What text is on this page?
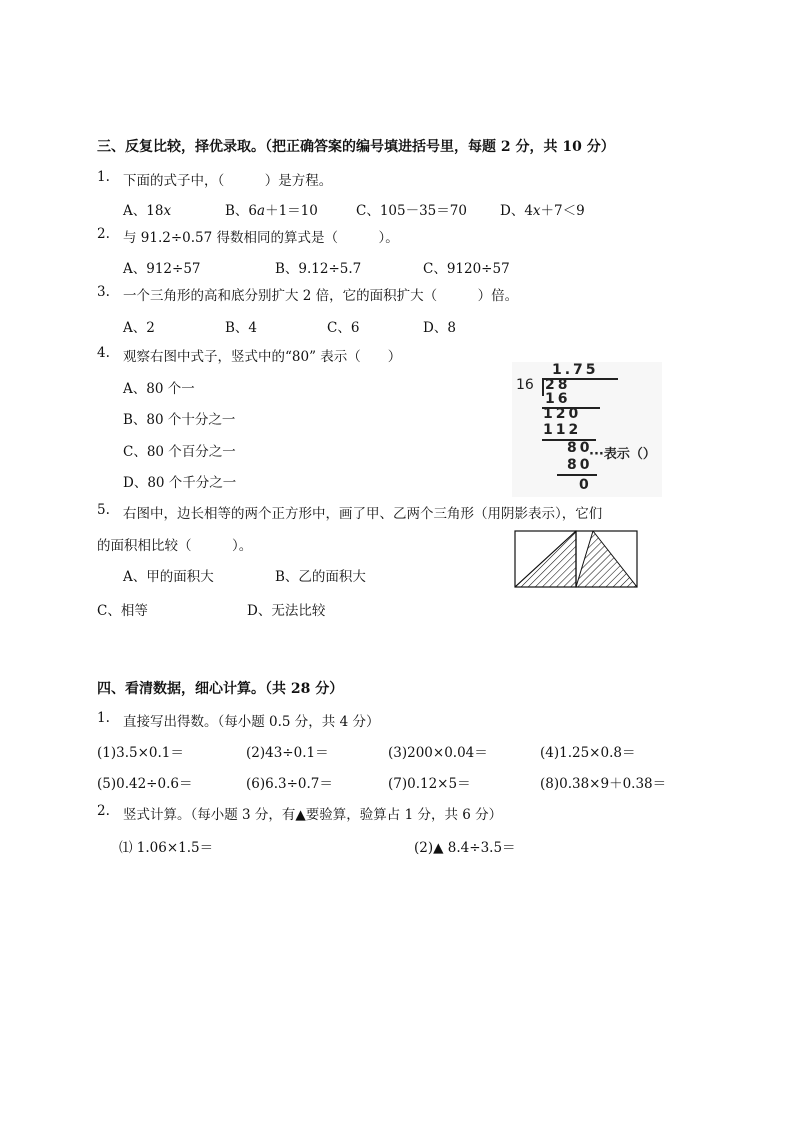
三、反复比较，择优录取。（把正确答案的编号填进括号里，每题 2 分，共 10 分）
1. 下面的式子中，（　　　）是方程。
A、18x	B、6a＋1＝10	C、105－35＝70 D、4x＋7＜9
2. 与 91.2÷0.57 得数相同的算式是（　　　）。
A、912÷57	B、9.12÷5.7	C、9120÷57
3. 一个三角形的高和底分别扩大 2 倍，它的面积扩大（　　　）倍。
A、2	B、4	C、6	D、8
4. 观察右图中式子，竖式中的“80” 表示（　　）
A、80 个一
B、80 个十分之一
C、80 个百分之一
D、80 个千分之一
1.75
16 28
16
120
112
80
···表示（）
80
0
5. 右图中，边长相等的两个正方形中，画了甲、乙两个三角形（用阴影表示），它们
的面积相比较（　　　）。
A、甲的面积大	B、乙的面积大
C、相等	D、无法比较
四、看清数据，细心计算。（共 28 分）
1. 直接写出得数。（每小题 0.5 分，共 4 分）
(1)3.5×0.1＝	(2)43÷0.1＝	(3)200×0.04＝	(4)1.25×0.8＝
(5)0.42÷0.6＝	(6)6.3÷0.7＝	(7)0.12×5＝	(8)0.38×9＋0.38＝
2. 竖式计算。（每小题 3 分，有▲要验算，验算占 1 分，共 6 分）
⑴ 1.06×1.5＝	(2)▲ 8.4÷3.5＝
